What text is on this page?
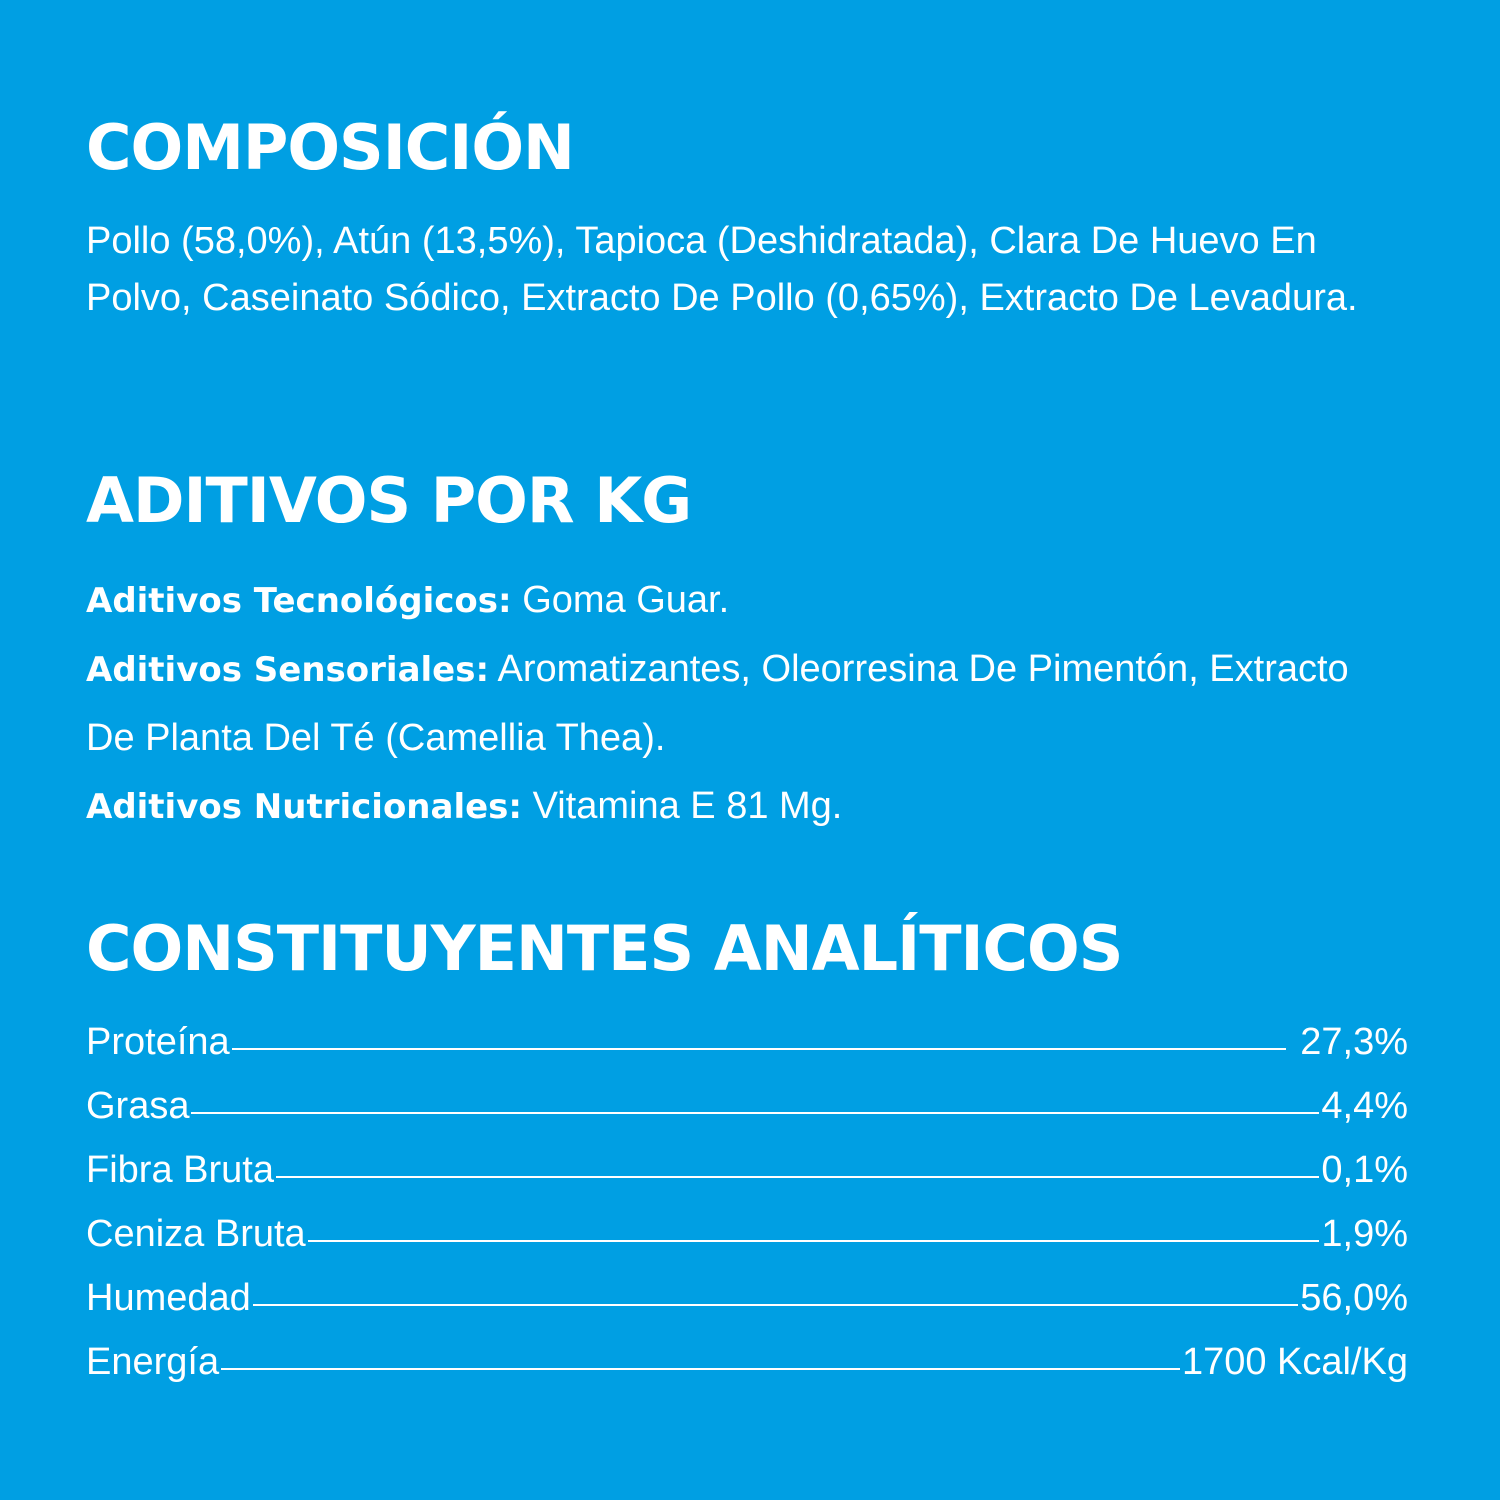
COMPOSICIÓN

Pollo (58,0%), Atún (13,5%), Tapioca (Deshidratada), Clara De Huevo En Polvo, Caseinato Sódico, Extracto De Pollo (0,65%), Extracto De Levadura.

ADITIVOS POR KG

Aditivos Tecnológicos: Goma Guar.

Aditivos Sensoriales: Aromatizantes, Oleorresina De Pimentón, Extracto De Planta Del Té (Camellia Thea).

Aditivos Nutricionales: Vitamina E 81 Mg.

CONSTITUYENTES ANALÍTICOS
Proteína	27,3%
Grasa	4,4%
Fibra Bruta	0,1%
Ceniza Bruta	1,9%
Humedad	56,0%
Energía	1700 Kcal/Kg
